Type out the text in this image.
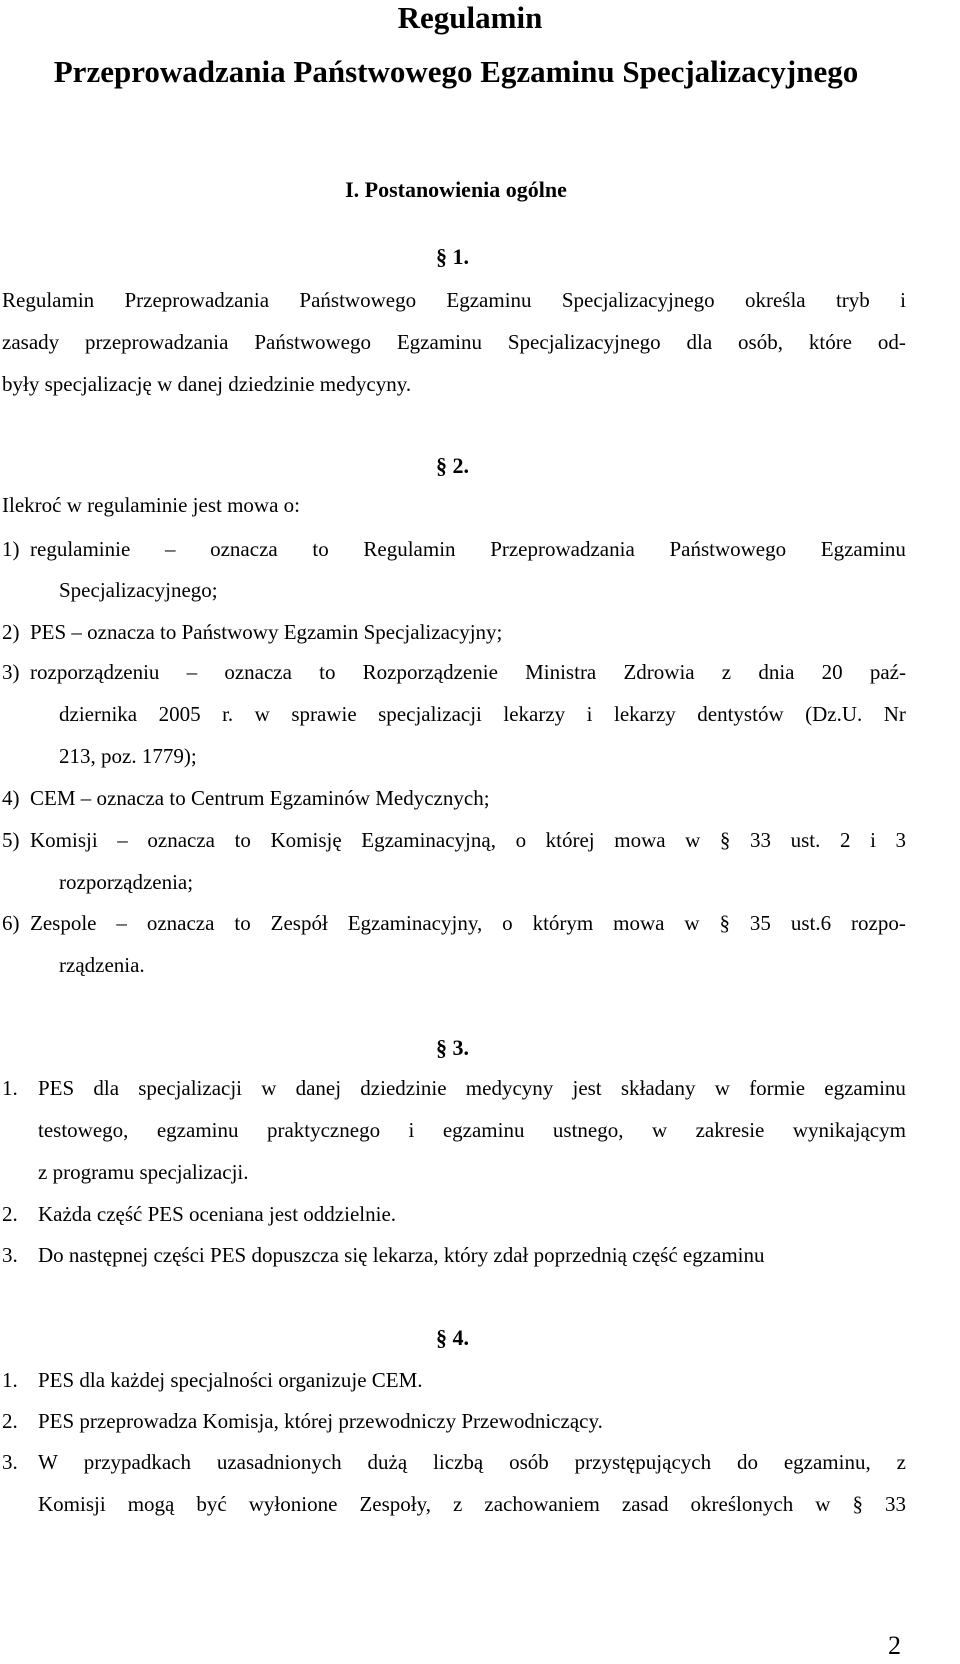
Regulamin
Przeprowadzania Państwowego Egzaminu Specjalizacyjnego
I. Postanowienia ogólne
§ 1.
Regulamin Przeprowadzania Państwowego Egzaminu Specjalizacyjnego określa tryb i
zasady przeprowadzania Państwowego Egzaminu Specjalizacyjnego dla osób, które od-
były specjalizację w danej dziedzinie medycyny.
§ 2.
Ilekroć w regulaminie jest mowa o:
1) regulaminie – oznacza to Regulamin Przeprowadzania Państwowego Egzaminu
Specjalizacyjnego;
2) PES – oznacza to Państwowy Egzamin Specjalizacyjny;
3) rozporządzeniu – oznacza to Rozporządzenie Ministra Zdrowia z dnia 20 paź-
dziernika 2005 r. w sprawie specjalizacji lekarzy i lekarzy dentystów (Dz.U. Nr
213, poz. 1779);
4) CEM – oznacza to Centrum Egzaminów Medycznych;
5) Komisji – oznacza to Komisję Egzaminacyjną, o której mowa w § 33 ust. 2 i 3
rozporządzenia;
6) Zespole – oznacza to Zespół Egzaminacyjny, o którym mowa w § 35 ust.6 rozpo-
rządzenia.
§ 3.
1. PES dla specjalizacji w danej dziedzinie medycyny jest składany w formie egzaminu
testowego, egzaminu praktycznego i egzaminu ustnego, w zakresie wynikającym
z programu specjalizacji.
2. Każda część PES oceniana jest oddzielnie.
3. Do następnej części PES dopuszcza się lekarza, który zdał poprzednią część egzaminu
§ 4.
1. PES dla każdej specjalności organizuje CEM.
2. PES przeprowadza Komisja, której przewodniczy Przewodniczący.
3. W przypadkach uzasadnionych dużą liczbą osób przystępujących do egzaminu, z
Komisji mogą być wyłonione Zespoły, z zachowaniem zasad określonych w § 33
2
